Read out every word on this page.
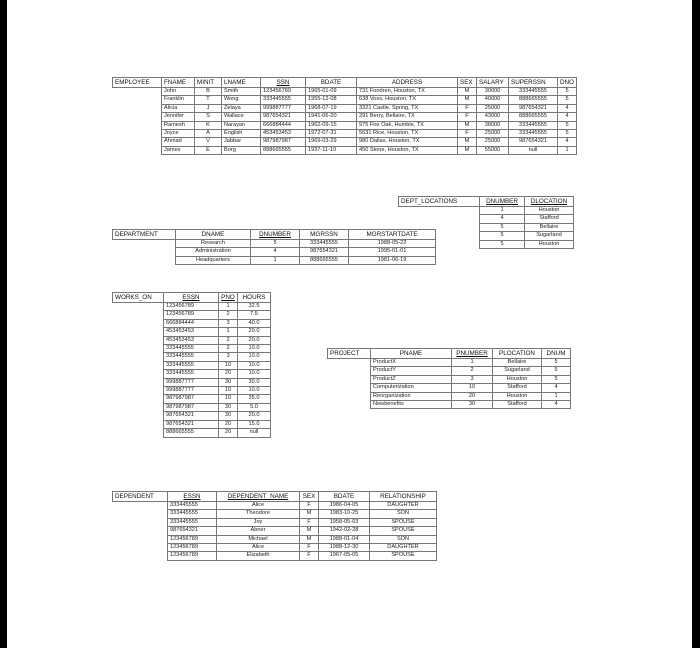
EMPLOYEE	FNAME	MINIT	LNAME	SSN	BDATE	ADDRESS	SEX	SALARY	SUPERSSN	DNO
	John	B	Smith	123456789	1965-01-09	731 Fondren, Houston, TX	M	30000	333445555	5
	Franklin	T	Wong	333445555	1955-12-08	638 Voss, Houston, TX	M	40000	888665555	5
	Alicia	J	Zelaya	999887777	1968-07-19	3321 Castle, Spring, TX	F	25000	987654321	4
	Jennifer	S	Wallace	987654321	1941-06-20	291 Berry, Bellaire, TX	F	43000	888665555	4
	Ramesh	K	Narayan	666884444	1962-09-15	975 Fire Oak, Humble, TX	M	38000	333445555	5
	Joyce	A	English	453453453	1972-07-31	5631 Rice, Houston, TX	F	25000	333445555	5
	Ahmad	V	Jabbar	987987987	1969-03-29	980 Dallas, Houston, TX	M	25000	987654321	4
	James	E	Borg	888665555	1937-11-10	450 Stone, Houston, TX	M	55000	null	1
DEPT_LOCATIONS	DNUMBER	DLOCATION
	1	Houston
	4	Stafford
	5	Bellaire
	5	Sugarland
	5	Houston
DEPARTMENT	DNAME	DNUMBER	MGRSSN	MGRSTARTDATE
	Research	5	333445555	1988-05-22
	Administration	4	987654321	1995-01-01
	Headquarters	1	888665555	1981-06-19
WORKS_ON	ESSN	PNO	HOURS
	123456789	1	32.5
	123456789	2	7.5
	666884444	3	40.0
	453453453	1	20.0
	453453453	2	20.0
	333445555	2	10.0
	333445555	3	10.0
	333445555	10	10.0
	333445555	20	10.0
	999887777	30	30.0
	999887777	10	10.0
	987987987	10	35.0
	987987987	30	5.0
	987654321	30	20.0
	987654321	20	15.0
	888665555	20	null
PROJECT	PNAME	PNUMBER	PLOCATION	DNUM
	ProductX	1	Bellaire	5
	ProductY	2	Sugarland	5
	ProductZ	3	Houston	5
	Computerization	10	Stafford	4
	Reorganization	20	Houston	1
	Newbenefits	30	Stafford	4
DEPENDENT	ESSN	DEPENDENT_NAME	SEX	BDATE	RELATIONSHIP
	333445555	Alice	F	1986-04-05	DAUGHTER
	333445555	Theodore	M	1983-10-25	SON
	333445555	Joy	F	1958-05-03	SPOUSE
	987654321	Abner	M	1942-02-28	SPOUSE
	123456789	Michael	M	1988-01-04	SON
	123456789	Alice	F	1988-12-30	DAUGHTER
	123456789	Elizabeth	F	1967-05-05	SPOUSE
